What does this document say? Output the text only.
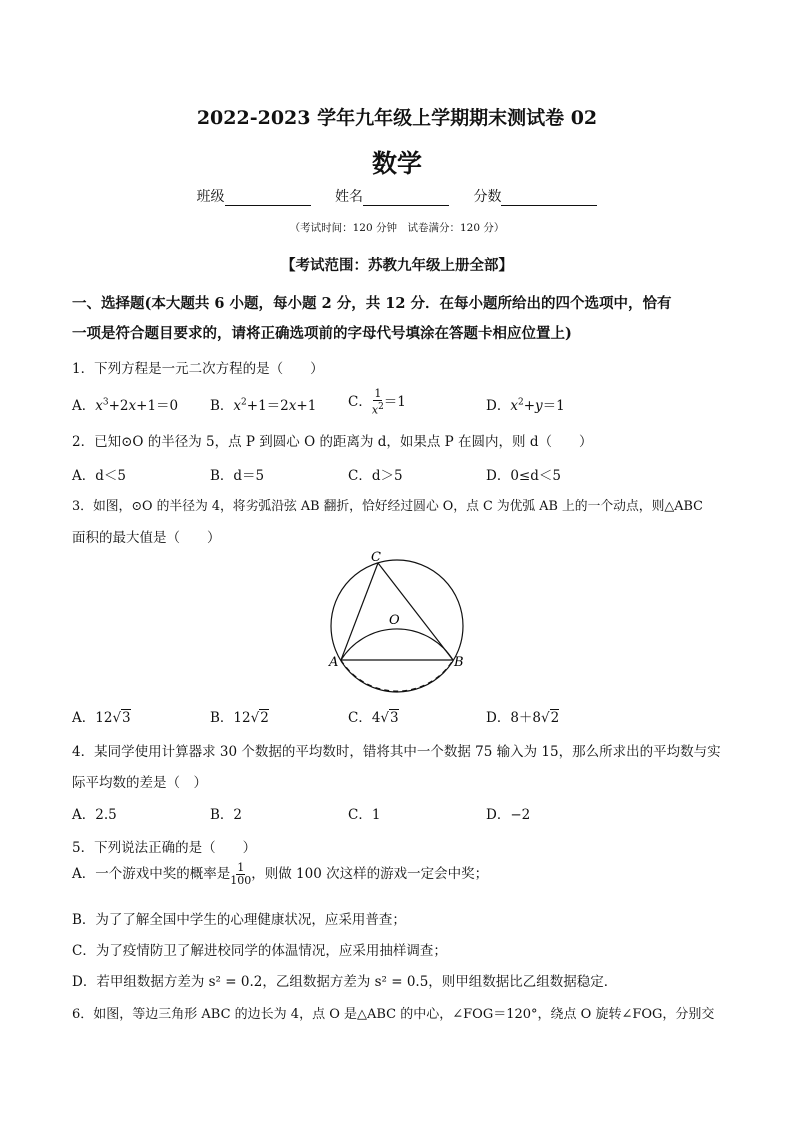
2022-2023 学年九年级上学期期末测试卷 02
数学
班级	姓名	分数
（考试时间：120 分钟　试卷满分：120 分）
【考试范围：苏教九年级上册全部】
一、选择题(本大题共 6 小题，每小题 2 分，共 12 分．在每小题所给出的四个选项中，恰有
一项是符合题目要求的，请将正确选项前的字母代号填涂在答题卡相应位置上)
1．下列方程是一元二次方程的是（　　）
A．$x^3+2x+1=0$ B．$x^2+1=2x+1$ C． $\frac{1}{x^2} =1$	D．$x^2+y=1$
2．已知⊙O 的半径为 5，点 P 到圆心 O 的距离为 d，如果点 P 在圆内，则 d（　　）
A．d＜5	B．d＝5	C．d＞5	D．0≤d＜5
3．如图，⊙O 的半径为 4，将劣弧沿弦 AB 翻折，恰好经过圆心 O，点 C 为优弧 AB 上的一个动点，则△ABC
面积的最大值是（　　）
C
O
A	B
A．12√3	B．12√2	C．4√3	D．8＋8√2
4．某同学使用计算器求 30 个数据的平均数时，错将其中一个数据 75 输入为 15，那么所求出的平均数与实
际平均数的差是（　）
A．2.5	B．2	C．1	D．−2
5．下列说法正确的是（　　）
A．一个游戏中奖的概率是 $\frac{1}{100}$ ，则做 100 次这样的游戏一定会中奖；
B．为了了解全国中学生的心理健康状况，应采用普查；
C．为了疫情防卫了解进校同学的体温情况，应采用抽样调查；
D．若甲组数据方差为 s² = 0.2，乙组数据方差为 s² = 0.5，则甲组数据比乙组数据稳定．
6．如图，等边三角形 ABC 的边长为 4，点 O 是△ABC 的中心，∠FOG＝120°，绕点 O 旋转∠FOG，分别交
